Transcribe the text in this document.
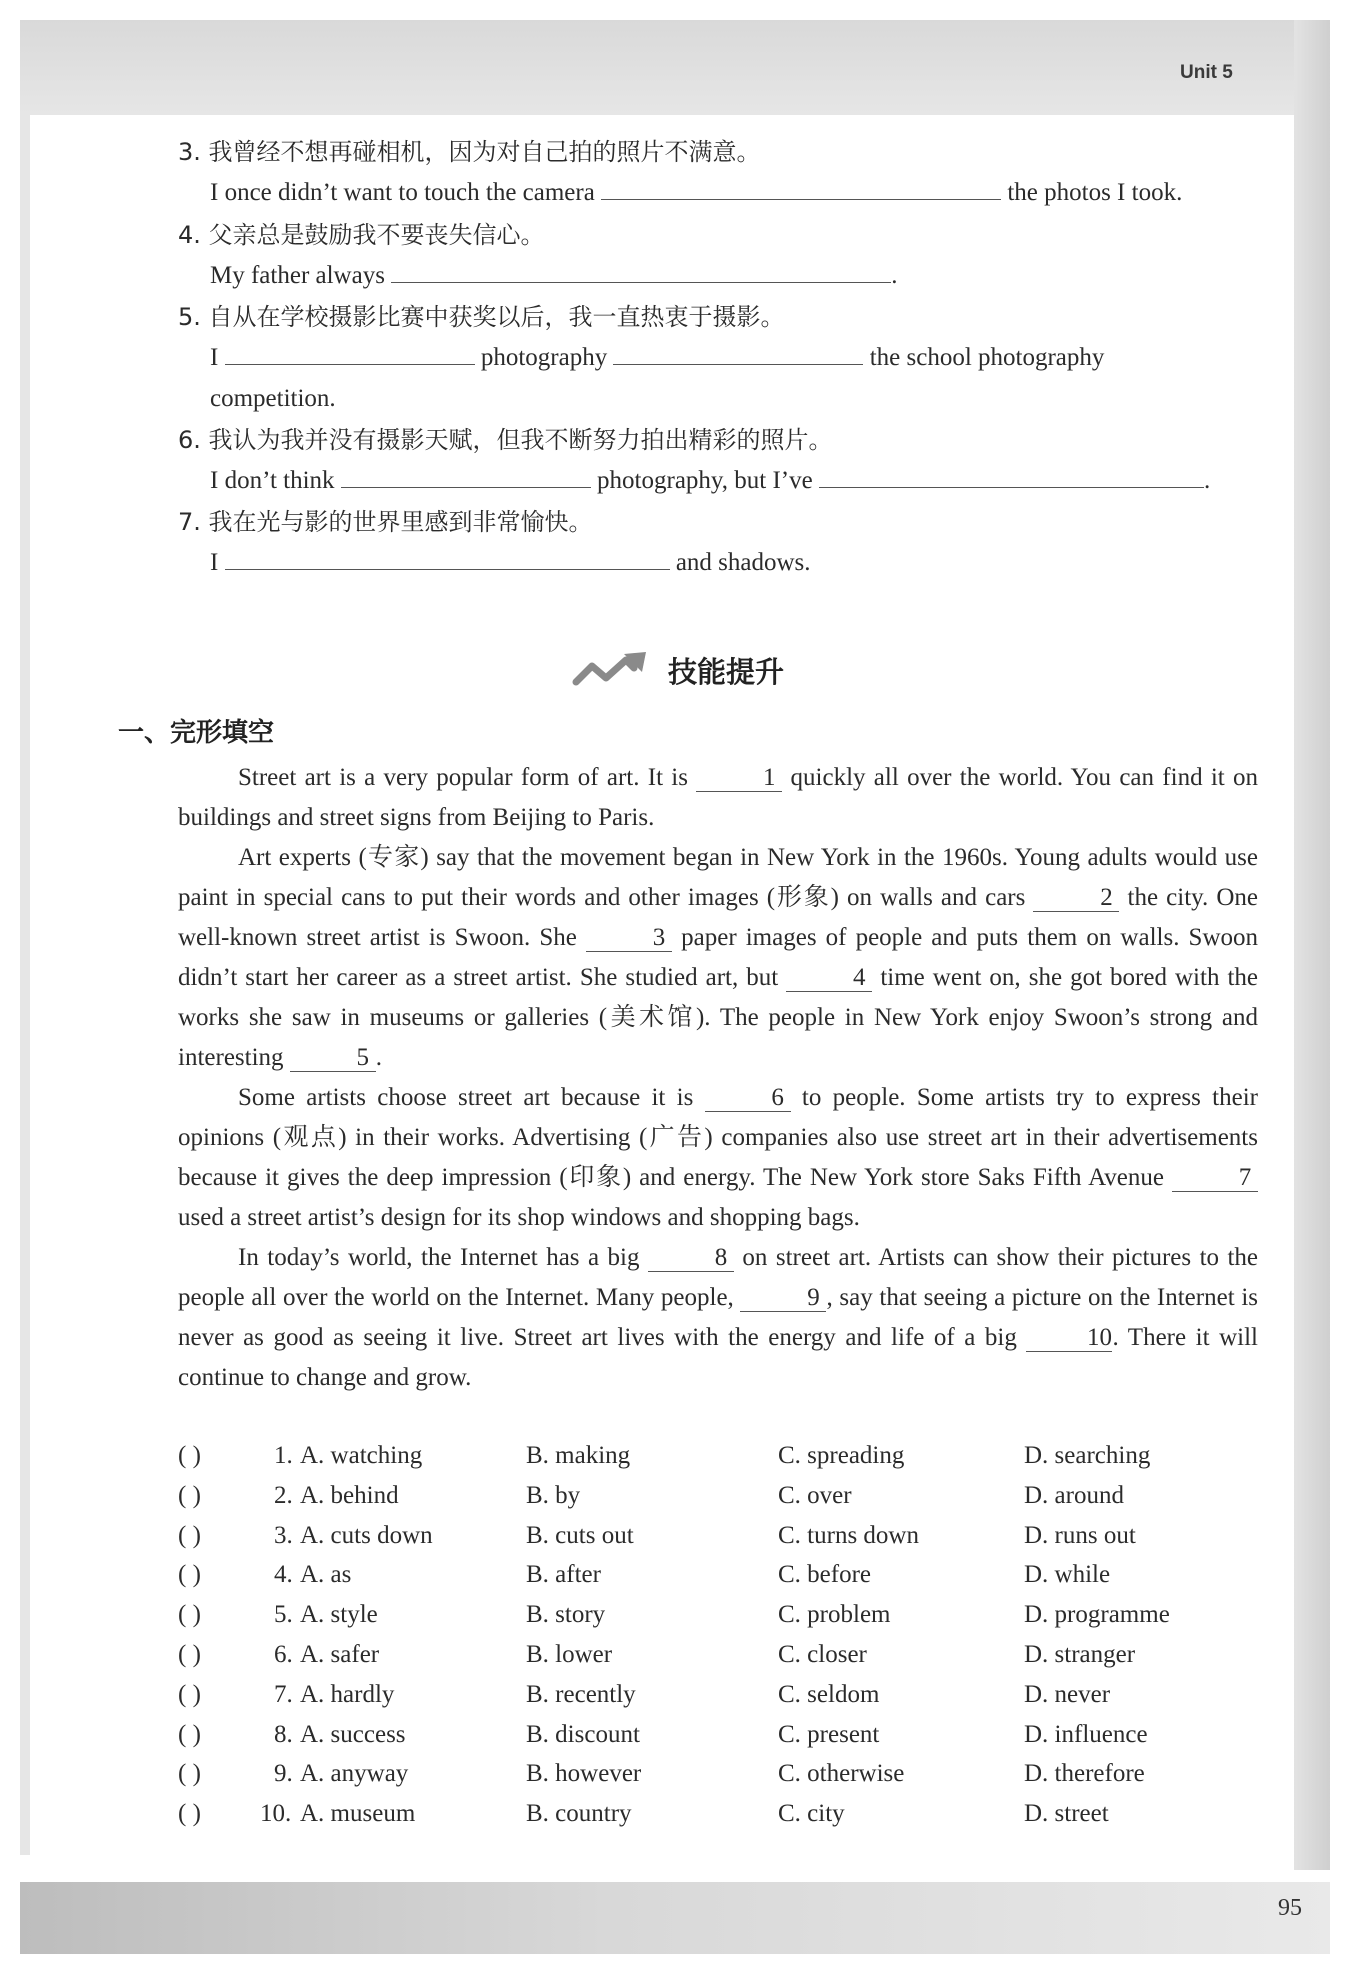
Unit 5
3. 我曾经不想再碰相机，因为对自己拍的照片不满意。
I once didn’t want to touch the camera	the photos I took.
4. 父亲总是鼓励我不要丧失信心。
My father always	.
5. 自从在学校摄影比赛中获奖以后，我一直热衷于摄影。
I	photography	the school photography
competition.
6. 我认为我并没有摄影天赋，但我不断努力拍出精彩的照片。
I don’t think	photography, but I’ve	.
7. 我在光与影的世界里感到非常愉快。
I	and shadows.
技能提升
一、完形填空

Street art is a very popular form of art. It is	1 quickly all over the world. You can find it on buildings and street signs from Beijing to Paris.

Art experts (专家) say that the movement began in New York in the 1960s. Young adults would use paint in special cans to put their words and other images (形象) on walls and cars	2 the city. One well-known street artist is Swoon. She	3 paper images of people and puts them on walls. Swoon didn’t start her career as a street artist. She studied art, but	4 time went on, she got bored with the works she saw in museums or galleries (美术馆). The people in New York enjoy Swoon’s strong and interesting	5 .

Some artists choose street art because it is	6 to people. Some artists try to express their opinions (观点) in their works. Advertising (广告) companies also use street art in their advertisements because it gives the deep impression (印象) and energy. The New York store Saks Fifth Avenue	7 used a street artist’s design for its shop windows and shopping bags.

In today’s world, the Internet has a big	8 on street art. Artists can show their pictures to the people all over the world on the Internet. Many people,	9 , say that seeing a picture on the Internet is never as good as seeing it live. Street art lives with the energy and life of a big	10. There it will continue to change and grow.

( )	1. A. watching	B. making	C. spreading	D. searching
( )	2. A. behind	B. by	C. over	D. around
( )	3. A. cuts down	B. cuts out	C. turns down	D. runs out
( )	4. A. as	B. after	C. before	D. while
( )	5. A. style	B. story	C. problem	D. programme
( )	6. A. safer	B. lower	C. closer	D. stranger
( )	7. A. hardly	B. recently	C. seldom	D. never
( )	8. A. success	B. discount	C. present	D. influence
( )	9. A. anyway	B. however	C. otherwise	D. therefore
( ) 10. A. museum	B. country	C. city	D. street
95
